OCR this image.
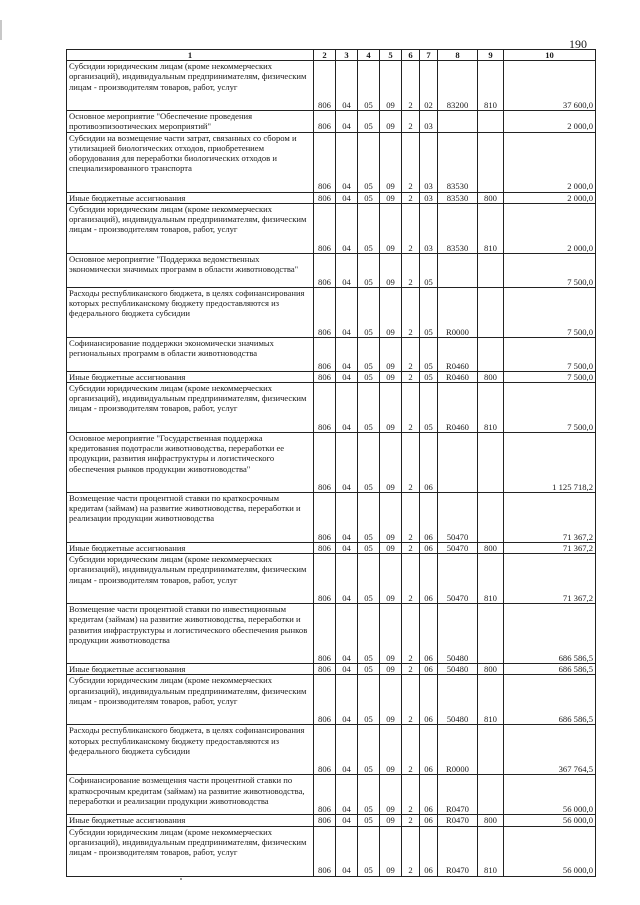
190
1	2	3	4	5	6	7	8	9	10
Субсидии юридическим лицам (кроме некоммерческих организаций), индивидуальным предпринимателям, физическим лицам - производителям товаров, работ, услуг	806	04	05	09	2	02	83200	810	37 600,0
Основное мероприятие "Обеспечение проведения противоэпизоотических мероприятий"	806	04	05	09	2	03			2 000,0
Субсидии на возмещение части затрат, связанных со сбором и утилизацией биологических отходов, приобретением оборудования для переработки биологических отходов и специализированного транспорта	806	04	05	09	2	03	83530		2 000,0
Иные бюджетные ассигнования	806	04	05	09	2	03	83530	800	2 000,0
Субсидии юридическим лицам (кроме некоммерческих организаций), индивидуальным предпринимателям, физическим лицам - производителям товаров, работ, услуг	806	04	05	09	2	03	83530	810	2 000,0
Основное мероприятие "Поддержка ведомственных экономически значимых программ в области животноводства"	806	04	05	09	2	05			7 500,0
Расходы республиканского бюджета, в целях софинансирования которых республиканскому бюджету предоставляются из федерального бюджета субсидии	806	04	05	09	2	05	R0000		7 500,0
Софинансирование поддержки экономически значимых региональных программ в области животноводства	806	04	05	09	2	05	R0460		7 500,0
Иные бюджетные ассигнования	806	04	05	09	2	05	R0460	800	7 500,0
Субсидии юридическим лицам (кроме некоммерческих организаций), индивидуальным предпринимателям, физическим лицам - производителям товаров, работ, услуг	806	04	05	09	2	05	R0460	810	7 500,0
Основное мероприятие "Государственная поддержка кредитования подотрасли животноводства, переработки ее продукции, развития инфраструктуры и логистического обеспечения рынков продукции животноводства"	806	04	05	09	2	06			1 125 718,2
Возмещение части процентной ставки по краткосрочным кредитам (займам) на развитие животноводства, переработки и реализации продукции животноводства	806	04	05	09	2	06	50470		71 367,2
Иные бюджетные ассигнования	806	04	05	09	2	06	50470	800	71 367,2
Субсидии юридическим лицам (кроме некоммерческих организаций), индивидуальным предпринимателям, физическим лицам - производителям товаров, работ, услуг	806	04	05	09	2	06	50470	810	71 367,2
Возмещение части процентной ставки по инвестиционным кредитам (займам) на развитие животноводства, переработки и развития инфраструктуры и логистического обеспечения рынков продукции животноводства	806	04	05	09	2	06	50480		686 586,5
Иные бюджетные ассигнования	806	04	05	09	2	06	50480	800	686 586,5
Субсидии юридическим лицам (кроме некоммерческих организаций), индивидуальным предпринимателям, физическим лицам - производителям товаров, работ, услуг	806	04	05	09	2	06	50480	810	686 586,5
Расходы республиканского бюджета, в целях софинансирования которых республиканскому бюджету предоставляются из федерального бюджета субсидии	806	04	05	09	2	06	R0000		367 764,5
Софинансирование возмещения части процентной ставки по краткосрочным кредитам (займам) на развитие животноводства, переработки и реализации продукции животноводства	806	04	05	09	2	06	R0470		56 000,0
Иные бюджетные ассигнования	806	04	05	09	2	06	R0470	800	56 000,0
Субсидии юридическим лицам (кроме некоммерческих организаций), индивидуальным предпринимателям, физическим лицам - производителям товаров, работ, услуг	806	04	05	09	2	06	R0470	810	56 000,0
